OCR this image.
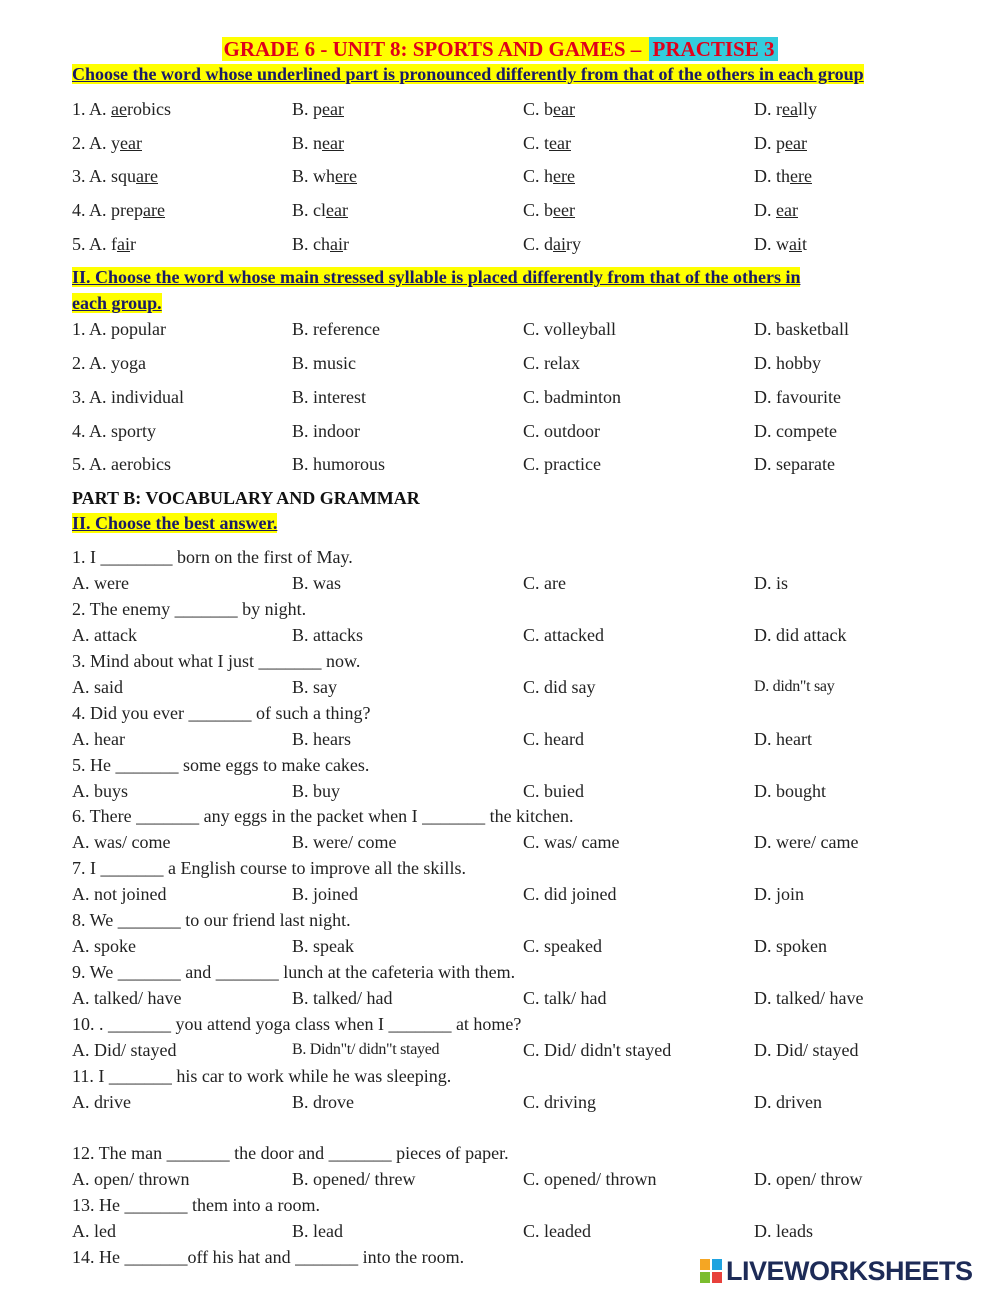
GRADE 6 - UNIT 8: SPORTS AND GAMES – PRACTISE 3
Choose the word whose underlined part is pronounced differently from that of the others in each group
1. A. aerobics	B. pear	C. bear	D. really
2. A. year	B. near	C. tear	D. pear
3. A. square	B. where	C. here	D. there
4. A. prepare	B. clear	C. beer	D. ear
5. A. fair	B. chair	C. dairy	D. wait
II. Choose the word whose main stressed syllable is placed differently from that of the others in
each group.
1. A. popular	B. reference	C. volleyball	D. basketball
2. A. yoga	B. music	C. relax	D. hobby
3. A. individual	B. interest	C. badminton	D. favourite
4. A. sporty	B. indoor	C. outdoor	D. compete
5. A. aerobics	B. humorous	C. practice	D. separate
PART B: VOCABULARY AND GRAMMAR
II. Choose the best answer.
1. I ________ born on the first of May.
A. were	B. was	C. are	D. is
2. The enemy _______ by night.
A. attack	B. attacks	C. attacked	D. did attack
3. Mind about what I just _______ now.
A. said	B. say	C. did say	D. didn"t say
4. Did you ever _______ of such a thing?
A. hear	B. hears	C. heard	D. heart
5. He _______ some eggs to make cakes.
A. buys	B. buy	C. buied	D. bought
6. There _______ any eggs in the packet when I _______ the kitchen.
A. was/ come	B. were/ come	C. was/ came	D. were/ came
7. I _______ a English course to improve all the skills.
A. not joined	B. joined	C. did joined	D. join
8. We _______ to our friend last night.
A. spoke	B. speak	C. speaked	D. spoken
9. We _______ and _______ lunch at the cafeteria with them.
A. talked/ have	B. talked/ had	C. talk/ had	D. talked/ have
10. . _______ you attend yoga class when I _______ at home?
A. Did/ stayed	B. Didn"t/ didn"t stayed	C. Did/ didn't stayed	D. Did/ stayed
11. I _______ his car to work while he was sleeping.
A. drive	B. drove	C. driving	D. driven
12. The man _______ the door and _______ pieces of paper.
A. open/ thrown	B. opened/ threw	C. opened/ thrown	D. open/ throw
13. He _______ them into a room.
A. led	B. lead	C. leaded	D. leads
14. He _______off his hat and _______ into the room.	LIVEWORKSHEETS
